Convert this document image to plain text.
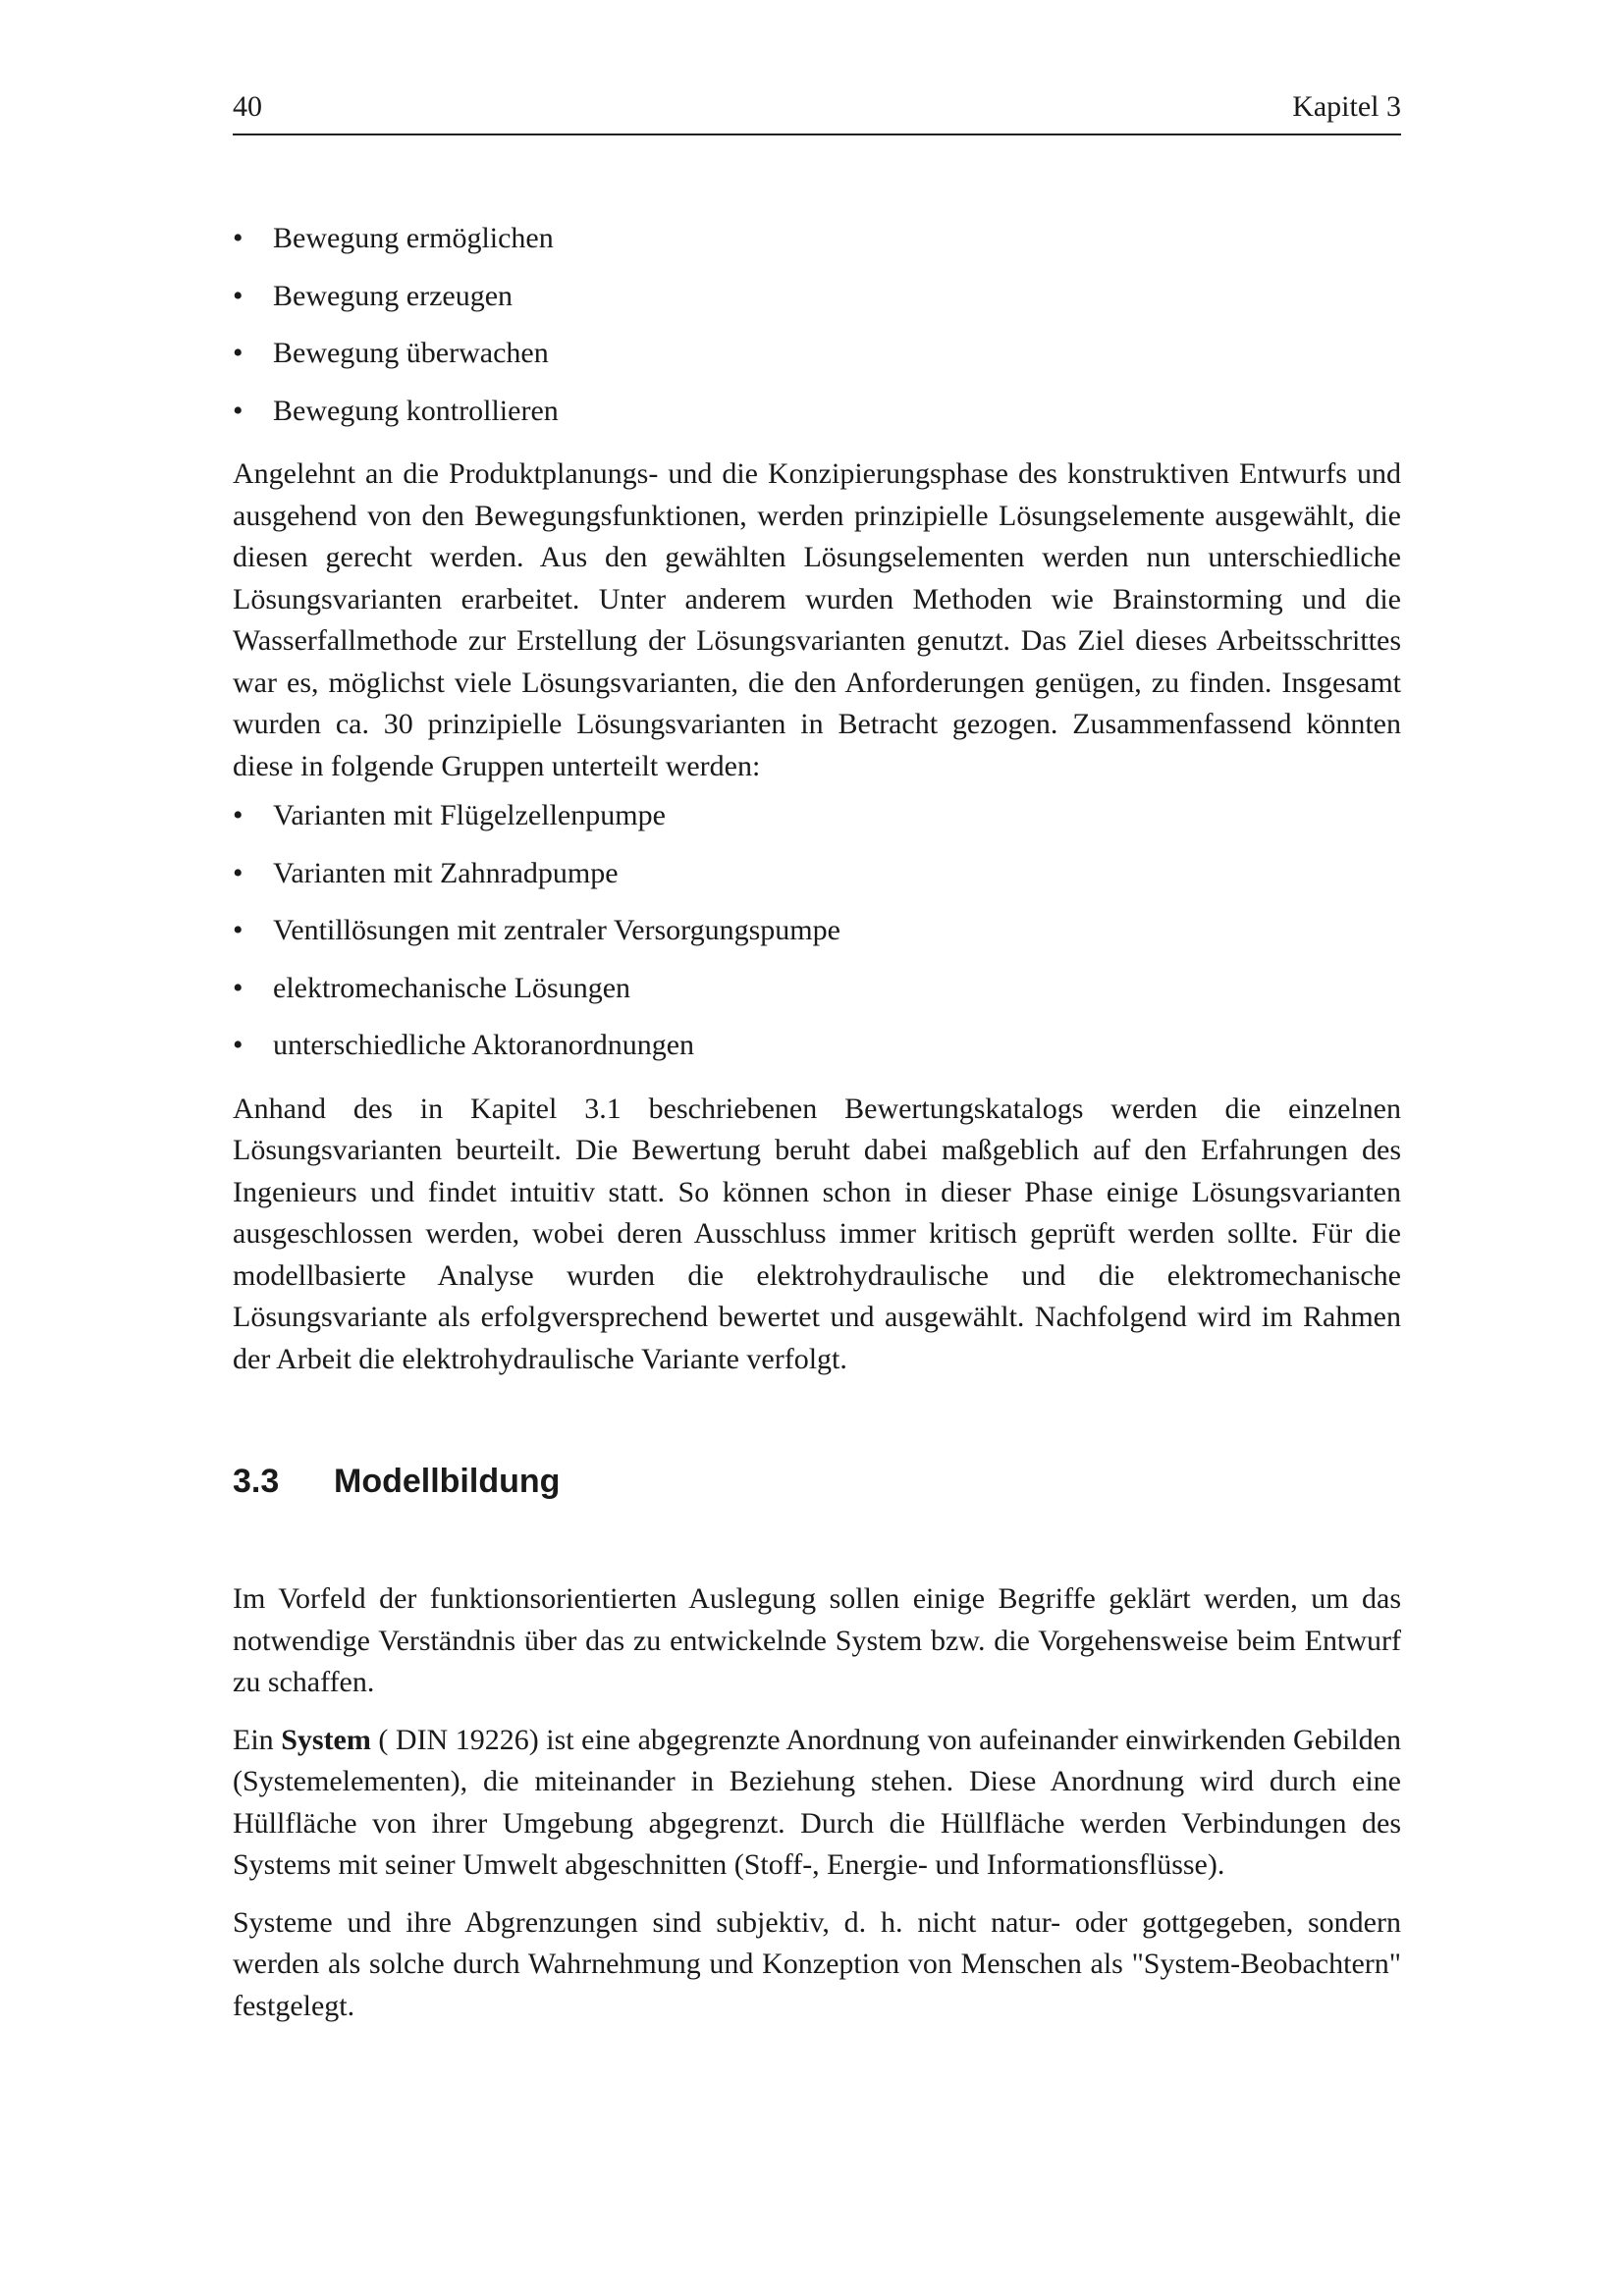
40	Kapitel 3
• Bewegung ermöglichen
• Bewegung erzeugen
• Bewegung überwachen
• Bewegung kontrollieren

Angelehnt an die Produktplanungs- und die Konzipierungsphase des konstruktiven Entwurfs und ausgehend von den Bewegungsfunktionen, werden prinzipielle Lösungselemente ausgewählt, die diesen gerecht werden. Aus den gewählten Lösungselementen werden nun unterschiedliche Lösungsvarianten erarbeitet. Unter anderem wurden Methoden wie Brainstorming und die Wasserfallmethode zur Erstellung der Lösungsvarianten genutzt. Das Ziel dieses Arbeitsschrittes war es, möglichst viele Lösungsvarianten, die den Anforderungen genügen, zu finden. Insgesamt wurden ca. 30 prinzipielle Lösungsvarianten in Betracht gezogen. Zusammenfassend könnten diese in folgende Gruppen unterteilt werden:

• Varianten mit Flügelzellenpumpe
• Varianten mit Zahnradpumpe
• Ventillösungen mit zentraler Versorgungspumpe
• elektromechanische Lösungen
• unterschiedliche Aktoranordnungen

Anhand des in Kapitel 3.1 beschriebenen Bewertungskatalogs werden die einzelnen Lösungsvarianten beurteilt. Die Bewertung beruht dabei maßgeblich auf den Erfahrungen des Ingenieurs und findet intuitiv statt. So können schon in dieser Phase einige Lösungsvarianten ausgeschlossen werden, wobei deren Ausschluss immer kritisch geprüft werden sollte. Für die modellbasierte Analyse wurden die elektrohydraulische und die elektromechanische Lösungsvariante als erfolgversprechend bewertet und ausgewählt. Nachfolgend wird im Rahmen der Arbeit die elektrohydraulische Variante verfolgt.

3.3 Modellbildung

Im Vorfeld der funktionsorientierten Auslegung sollen einige Begriffe geklärt werden, um das notwendige Verständnis über das zu entwickelnde System bzw. die Vorgehensweise beim Entwurf zu schaffen.

Ein System ( DIN 19226) ist eine abgegrenzte Anordnung von aufeinander einwirkenden Gebilden (Systemelementen), die miteinander in Beziehung stehen. Diese Anordnung wird durch eine Hüllfläche von ihrer Umgebung abgegrenzt. Durch die Hüllfläche werden Verbindungen des Systems mit seiner Umwelt abgeschnitten (Stoff-, Energie- und Informationsflüsse).

Systeme und ihre Abgrenzungen sind subjektiv, d. h. nicht natur- oder gottgegeben, sondern werden als solche durch Wahrnehmung und Konzeption von Menschen als "System-Beobachtern" festgelegt.
